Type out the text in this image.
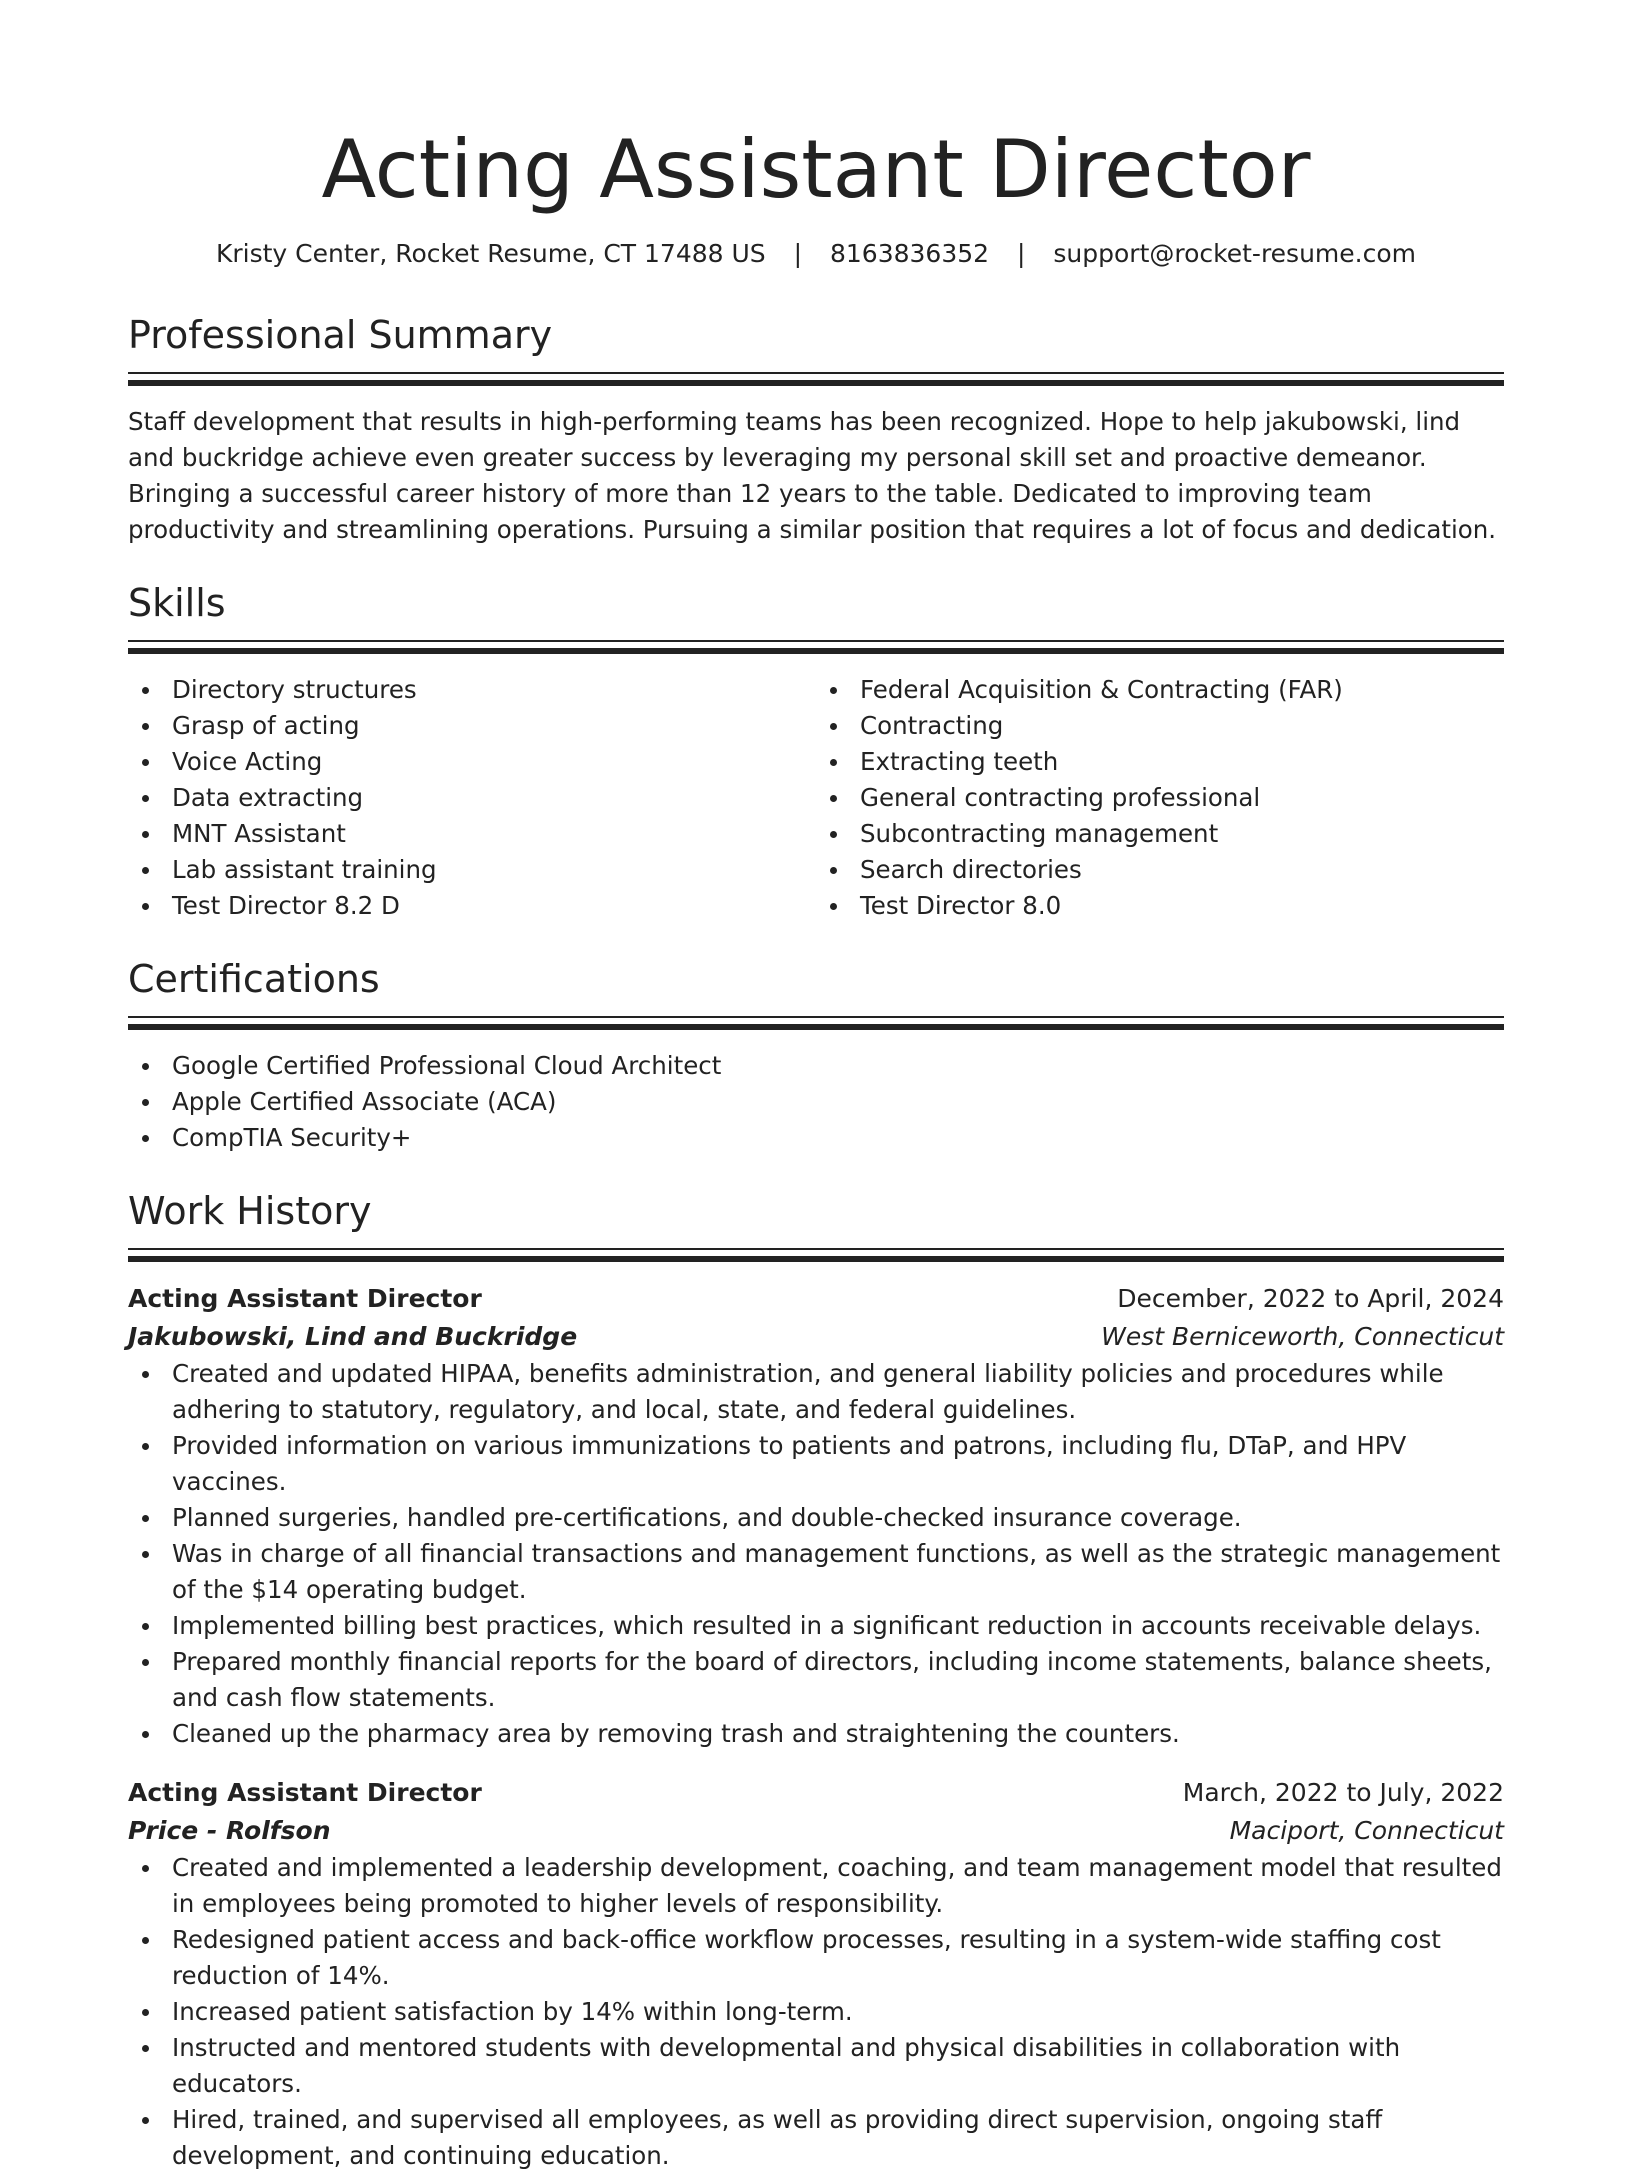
Acting Assistant Director
Kristy Center, Rocket Resume, CT 17488 US | 8163836352 | support@rocket-resume.com
Professional Summary

Staff development that results in high-performing teams has been recognized. Hope to help jakubowski, lind and buckridge achieve even greater success by leveraging my personal skill set and proactive demeanor. Bringing a successful career history of more than 12 years to the table. Dedicated to improving team productivity and streamlining operations. Pursuing a similar position that requires a lot of focus and dedication.

Skills
Directory structures
Grasp of acting
Voice Acting
Data extracting
MNT Assistant
Lab assistant training
Test Director 8.2 D
Federal Acquisition & Contracting (FAR)
Contracting
Extracting teeth
General contracting professional
Subcontracting management
Search directories
Test Director 8.0
Certifications
Google Certified Professional Cloud Architect
Apple Certified Associate (ACA)
CompTIA Security+
Work History
Acting Assistant Director	December, 2022 to April, 2024
Jakubowski, Lind and Buckridge	West Berniceworth, Connecticut
Created and updated HIPAA, benefits administration, and general liability policies and procedures while adhering to statutory, regulatory, and local, state, and federal guidelines.
Provided information on various immunizations to patients and patrons, including flu, DTaP, and HPV vaccines.
Planned surgeries, handled pre-certifications, and double-checked insurance coverage.
Was in charge of all financial transactions and management functions, as well as the strategic management of the $14 operating budget.
Implemented billing best practices, which resulted in a significant reduction in accounts receivable delays.
Prepared monthly financial reports for the board of directors, including income statements, balance sheets, and cash flow statements.
Cleaned up the pharmacy area by removing trash and straightening the counters.
Acting Assistant Director	March, 2022 to July, 2022
Price - Rolfson	Maciport, Connecticut
Created and implemented a leadership development, coaching, and team management model that resulted in employees being promoted to higher levels of responsibility.
Redesigned patient access and back-office workflow processes, resulting in a system-wide staffing cost reduction of 14%.
Increased patient satisfaction by 14% within long-term.
Instructed and mentored students with developmental and physical disabilities in collaboration with educators.
Hired, trained, and supervised all employees, as well as providing direct supervision, ongoing staff development, and continuing education.
